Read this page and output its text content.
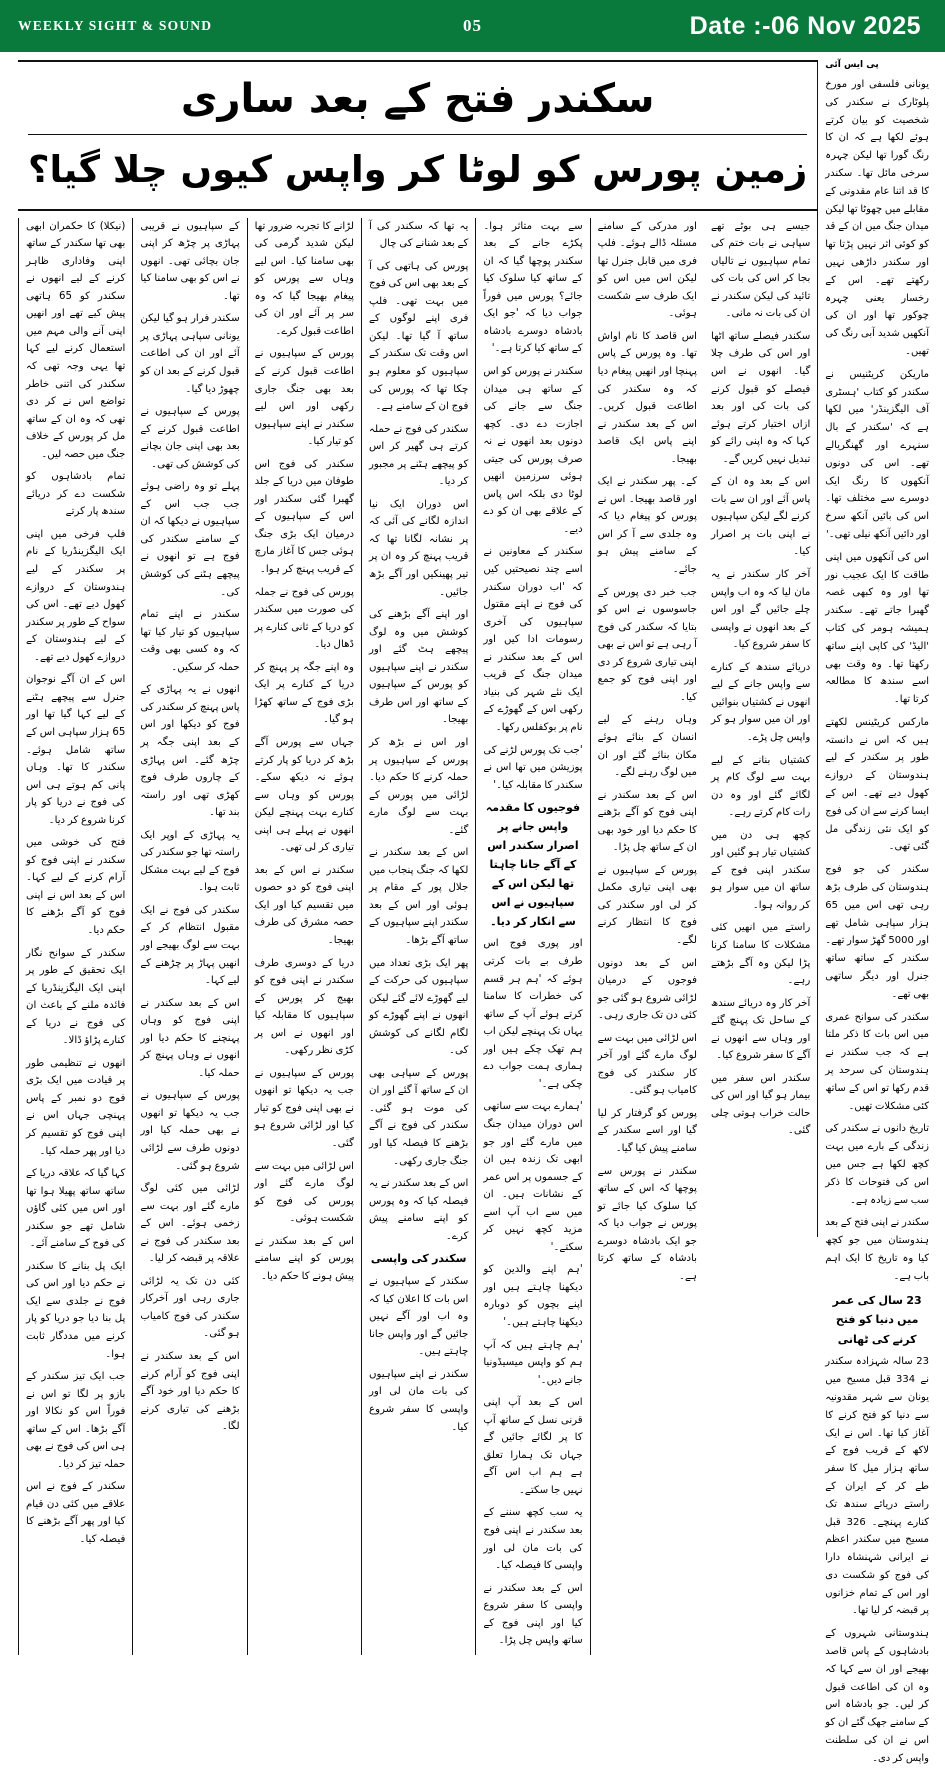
WEEKLY SIGHT & SOUND	05	Date :-06 Nov 2025
سکندر فتح کے بعد ساری
زمین پورس کو لوٹا کر واپس کیوں چلا گیا؟

(نیکلا) کا حکمران ابھی بھی تھا سکندر کے ساتھ اپنی وفاداری ظاہر کرنے کے لیے انھوں نے سکندر کو 65 ہاتھی پیش کیے تھے اور انھیں اپنی آنے والی مہم میں استعمال کرنے لیے کہا تھا یہی وجہ تھی کہ سکندر کی اتنی خاطر تواضع اس نے کر دی تھی کہ وہ ان کے ساتھ مل کر پورس کے خلاف جنگ میں حصہ لیں۔

تمام بادشاہوں کو شکست دے کر دریائے سندھ پار کرتے

فلپ فرخی میں اپنی ایک الیگزینڈریا کے نام پر سکندر کے لیے ہندوستان کے دروازے کھول دیے تھے۔ اس کی سواح کے طور پر سکندر کے لیے ہندوستان کے دروازے کھول دیے تھے۔

اس کے ان آگے نوجوان جنرل سے پیچھے ہٹنے کے لیے کہا گیا تھا اور 65 ہزار سپاہی اس کے ساتھ شامل ہوئے۔ سکندر کا تھا۔ وہاں پانی کم ہوتے ہی اس کی فوج نے دریا کو پار کرنا شروع کر دیا۔

فتح کی خوشی میں سکندر نے اپنی فوج کو آرام کرنے کے لیے کہا۔ اس کے بعد اس نے اپنی فوج کو آگے بڑھنے کا حکم دیا۔

سکندر کے سوانح نگار ایک تحقیق کے طور پر اپنی ایک الیگزینڈریا کے فائدہ ملنے کے باعث ان کی فوج نے دریا کے کنارے پڑاؤ ڈالا۔

انھوں نے تنظیمی طور پر قیادت میں ایک بڑی فوج دو نمبر کے پاس پہنچی جہاں اس نے اپنی فوج کو تقسیم کر دیا اور پھر حملہ کیا۔

کہا گیا کہ علاقہ دریا کے ساتھ ساتھ پھیلا ہوا تھا اور اس میں کئی گاؤں شامل تھے جو سکندر کی فوج کے سامنے آئے۔

ایک پل بنانے کا سکندر نے حکم دیا اور اس کی فوج نے جلدی سے ایک پل بنا دیا جو دریا کو پار کرنے میں مددگار ثابت ہوا۔

جب ایک تیز سکندر کے بازو پر لگا تو اس نے فوراً اس کو نکالا اور آگے بڑھا۔ اس کے ساتھ ہی اس کی فوج نے بھی حملہ تیز کر دیا۔

سکندر کے فوج نے اس علاقے میں کئی دن قیام کیا اور پھر آگے بڑھنے کا فیصلہ کیا۔

کے سپاہیوں نے قریبی پہاڑی پر چڑھ کر اپنی جان بچائی تھی۔ انھوں نے اس کو بھی سامنا کیا تھا۔

سکندر فرار ہو گیا لیکن یونانی سپاہی پہاڑی پر آئے اور ان کی اطاعت قبول کرنے کے بعد ان کو چھوڑ دیا گیا۔

پورس کے سپاہیوں نے اطاعت قبول کرنے کے بعد بھی اپنی جان بچانے کی کوشش کی تھی۔

پہلے تو وہ راضی ہوئے جب جب اس کے سپاہیوں نے دیکھا کہ ان کے سامنے سکندر کی فوج ہے تو انھوں نے پیچھے ہٹنے کی کوشش کی۔

سکندر نے اپنے تمام سپاہیوں کو تیار کیا تھا کہ وہ کسی بھی وقت حملہ کر سکیں۔

انھوں نے یہ پہاڑی کے پاس پہنچ کر سکندر کی فوج کو دیکھا اور اس کے بعد اپنی جگہ پر چڑھ گئے۔ اس پہاڑی کے چاروں طرف فوج کھڑی تھی اور راستہ بند تھا۔

یہ پہاڑی کے اوپر ایک راستہ تھا جو سکندر کی فوج کے لیے بہت مشکل ثابت ہوا۔

سکندر کی فوج نے ایک مقبول انتظام کر کے بہت سے لوگ بھیجے اور انھیں پہاڑ پر چڑھنے کے لیے کہا۔

اس کے بعد سکندر نے اپنی فوج کو وہاں پہنچنے کا حکم دیا اور انھوں نے وہاں پہنچ کر حملہ کیا۔

پورس کے سپاہیوں نے جب یہ دیکھا تو انھوں نے بھی حملہ کیا اور دونوں طرف سے لڑائی شروع ہو گئی۔

لڑائی میں کئی لوگ مارے گئے اور بہت سے زخمی ہوئے۔ اس کے بعد سکندر کی فوج نے علاقہ پر قبضہ کر لیا۔

کئی دن تک یہ لڑائی جاری رہی اور آخرکار سکندر کی فوج کامیاب ہو گئی۔

اس کے بعد سکندر نے اپنی فوج کو آرام کرنے کا حکم دیا اور خود آگے بڑھنے کی تیاری کرنے لگا۔

لڑانے کا تجربہ ضرور تھا لیکن شدید گرمی کی بھی سامنا کیا۔ اس لیے وہاں سے پورس کو پیغام بھیجا گیا کہ وہ سر پر آئے اور ان کی اطاعت قبول کرے۔

پورس کے سپاہیوں نے اطاعت قبول کرنے کے بعد بھی جنگ جاری رکھی اور اس لیے سکندر نے اپنے سپاہیوں کو تیار کیا۔

سکندر کی فوج اس طوفان میں دریا کے جلد گھبرا گئی سکندر اور اس کے سپاہیوں کے درمیان ایک بڑی جنگ ہوئی جس کا آغاز مارچ کے قریب پہنچ کر ہوا۔

پورس کی فوج نے جملہ کی صورت میں سکندر کو دریا کے ثانی کنارے پر ڈھال دیا۔

وہ اپنے جگہ پر پہنچ کر دریا کے کنارے پر ایک بڑی فوج کے ساتھ کھڑا ہو گیا۔

جہاں سے پورس آگے بڑھ کر دریا کو پار کرتے ہوئے نہ دیکھ سکے۔ پورس کو وہاں سے کنارے بہت پہنچے لیکن انھوں نے پہلے ہی اپنی تیاری کر لی تھی۔

سکندر نے اس کے بعد اپنی فوج کو دو حصوں میں تقسیم کیا اور ایک حصہ مشرق کی طرف بھیجا۔

دریا کے دوسری طرف سکندر نے اپنی فوج کو بھیج کر پورس کے سپاہیوں کا مقابلہ کیا اور انھوں نے اس پر کڑی نظر رکھی۔

پورس کے سپاہیوں نے جب یہ دیکھا تو انھوں نے بھی اپنی فوج کو تیار کیا اور لڑائی شروع ہو گئی۔

اس لڑائی میں بہت سے لوگ مارے گئے اور پورس کی فوج کو شکست ہوئی۔

اس کے بعد سکندر نے پورس کو اپنے سامنے پیش ہونے کا حکم دیا۔

یہ تھا کہ سکندر کی آ کے بعد شنانے کی چال

پورس کی ہاتھی کی آ کے بعد بھی اس کی فوج میں بہت تھی۔ فلپ فری اپنے لوگوں کے ساتھ آ گیا تھا۔ لیکن اس وقت تک سکندر کے سپاہیوں کو معلوم ہو چکا تھا کہ پورس کی فوج ان کے سامنے ہے۔

سکندر کی فوج نے حملہ کرتے ہی گھیر کر اس کو پیچھے ہٹنے پر مجبور کر دیا۔

اس دوران ایک نیا اندازہ لگانے کی آئی کہ پر نشانہ لگانا تھا کہ قریب پہنچ کر وہ ان پر تیر پھینکیں اور آگے بڑھ جائیں۔

اور اپنے آگے بڑھنے کی کوشش میں وہ لوگ پیچھے ہٹ گئے اور سکندر نے اپنے سپاہیوں کو پورس کے سپاہیوں کے ساتھ اور اس طرف بھیجا۔

اور اس نے بڑھ کر پورس کے سپاہیوں پر حملہ کرنے کا حکم دیا۔ لڑائی میں پورس کے بہت سے لوگ مارے گئے۔

اس کے بعد سکندر نے لکھا کہ جنگ پنجاب میں جلال پور کے مقام پر ہوئی اور اس کے بعد سکندر اپنے سپاہیوں کے ساتھ آگے بڑھا۔

پھر ایک بڑی تعداد میں سپاہیوں کی حرکت کے لیے گھوڑے لائے گئے لیکن انھوں نے اپنے گھوڑے کو لگام لگانے کی کوشش کی۔

پورس کے سپاہی بھی ان کے ساتھ آ گئے اور ان کی موت ہو گئی۔ سکندر کی فوج نے آگے بڑھنے کا فیصلہ کیا اور جنگ جاری رکھی۔

اس کے بعد سکندر نے یہ فیصلہ کیا کہ وہ پورس کو اپنے سامنے پیش کرے۔

سکندر کی واپسی

سکندر کے سپاہیوں نے اس بات کا اعلان کیا کہ وہ اب اور آگے نہیں جائیں گے اور واپس جانا چاہتے ہیں۔

سکندر نے اپنے سپاہیوں کی بات مان لی اور واپسی کا سفر شروع کیا۔

سے بہت متاثر ہوا۔ پکڑے جانے کے بعد سکندر پوچھا گیا کہ ان کے ساتھ کیا سلوک کیا جائے؟ پورس میں فوراً جواب دیا کہ 'جو ایک بادشاہ دوسرے بادشاہ کے ساتھ کیا کرتا ہے۔'

سکندر نے پورس کو اس کے ساتھ ہی میدان جنگ سے جانے کی اجازت دے دی۔ کچھ دونوں بعد انھوں نے نہ صرف پورس کی جیتی ہوئی سرزمین انھیں لوٹا دی بلکہ اس پاس کے علاقے بھی ان کو دے دیے۔

سکندر کے معاونین نے اسے چند نصیحتیں کیں کہ 'اب دوران سکندر کی فوج نے اپنے مقتول سپاہیوں کی آخری رسومات ادا کیں اور اس کے بعد سکندر نے میدان جنگ کے قریب ایک نئے شہر کی بنیاد رکھی اس کے گھوڑے کے نام پر بوکفلس رکھا۔

'جب تک پورس لڑنے کی پوزیشن میں تھا اس نے سکندر کا مقابلہ کیا۔'

فوجیوں کا مقدمہ واپس جانے پر اصرار سکندر اس کے آگے جانا چاہتا تھا لیکن اس کے سپاہیوں نے اس سے انکار کر دیا۔

اور پوری فوج اس طرف بے بات کرتی ہوئے کہ 'ہم ہر قسم کی خطرات کا سامنا کرتے ہوئے آپ کے ساتھ یہاں تک پہنچے لیکن اب ہم تھک چکے ہیں اور ہماری ہمت جواب دے چکی ہے۔'

'ہمارے بہت سے ساتھی اس دوران میدان جنگ میں مارے گئے اور جو ابھی تک زندہ ہیں ان کے جسموں پر اس عمر کے نشانات ہیں۔ ان میں سے اب آپ اسے مزید کچھ نہیں کر سکتے۔'

'ہم اپنے والدین کو دیکھنا چاہتے ہیں اور اپنے بچوں کو دوبارہ دیکھنا چاہتے ہیں۔'

'ہم چاہتے ہیں کہ آپ ہم کو واپس میسیڈونیا جانے دیں۔'

اس کے بعد آپ اپنی قرنی نسل کے ساتھ آپ کا پر لگائے جائیں گے جہاں تک ہمارا تعلق ہے ہم اب اس آگے نہیں جا سکتے۔

یہ سب کچھ سننے کے بعد سکندر نے اپنی فوج کی بات مان لی اور واپسی کا فیصلہ کیا۔

اس کے بعد سکندر نے واپسی کا سفر شروع کیا اور اپنی فوج کے ساتھ واپس چل پڑا۔

اور مدرکی کے سامنے مسئلہ ڈالے ہوئے۔ فلپ فری میں قابل جنرل تھا لیکن اس میں اس کو ایک طرف سے شکست ہوئی۔

اس قاصد کا نام اواش تھا۔ وہ پورس کے پاس پہنچا اور انھیں پیغام دیا کہ وہ سکندر کی اطاعت قبول کریں۔ اس کے بعد سکندر نے اپنے پاس ایک قاصد بھیجا۔

کے۔ پھر سکندر نے ایک اور قاصد بھیجا۔ اس نے پورس کو پیغام دیا کہ وہ جلدی سے آ کر اس کے سامنے پیش ہو جائے۔

جب خبر دی پورس کے جاسوسوں نے اس کو بتایا کہ سکندر کی فوج آ رہی ہے تو اس نے بھی اپنی تیاری شروع کر دی اور اپنی فوج کو جمع کیا۔

وہاں رہنے کے لیے انسان کے بنائے ہوئے مکان بنائے گئے اور ان میں لوگ رہنے لگے۔

اس کے بعد سکندر نے اپنی فوج کو آگے بڑھنے کا حکم دیا اور خود بھی ان کے ساتھ چل پڑا۔

پورس کے سپاہیوں نے بھی اپنی تیاری مکمل کر لی اور سکندر کی فوج کا انتظار کرنے لگے۔

اس کے بعد دونوں فوجوں کے درمیان لڑائی شروع ہو گئی جو کئی دن تک جاری رہی۔

اس لڑائی میں بہت سے لوگ مارے گئے اور آخر کار سکندر کی فوج کامیاب ہو گئی۔

پورس کو گرفتار کر لیا گیا اور اسے سکندر کے سامنے پیش کیا گیا۔

سکندر نے پورس سے پوچھا کہ اس کے ساتھ کیا سلوک کیا جائے تو پورس نے جواب دیا کہ جو ایک بادشاہ دوسرے بادشاہ کے ساتھ کرتا ہے۔

جیسے ہی بوٹے تھے سپاہی نے بات ختم کی تمام سپاہیوں نے تالیاں بجا کر اس کی بات کی تائید کی لیکن سکندر نے ان کی بات نہ مانی۔

سکندر فیصلے ساتھ اٹھا اور اس کی طرف چلا گیا۔ انھوں نے اس فیصلے کو قبول کرنے کی بات کی اور بعد ازاں اختیار کرتے ہوئے کہا کہ وہ اپنی رائے کو تبدیل نہیں کریں گے۔

اس کے بعد وہ ان کے پاس آئے اور ان سے بات کرنے لگے لیکن سپاہیوں نے اپنی بات پر اصرار کیا۔

آخر کار سکندر نے یہ مان لیا کہ وہ اب واپس چلے جائیں گے اور اس کے بعد انھوں نے واپسی کا سفر شروع کیا۔

دریائے سندھ کے کنارے سے واپس جانے کے لیے انھوں نے کشتیاں بنوائیں اور ان میں سوار ہو کر واپس چل پڑے۔

کشتیاں بنانے کے لیے بہت سے لوگ کام پر لگائے گئے اور وہ دن رات کام کرتے رہے۔

کچھ ہی دن میں کشتیاں تیار ہو گئیں اور سکندر اپنی فوج کے ساتھ ان میں سوار ہو کر روانہ ہوا۔

راستے میں انھیں کئی مشکلات کا سامنا کرنا پڑا لیکن وہ آگے بڑھتے رہے۔

آخر کار وہ دریائے سندھ کے ساحل تک پہنچ گئے اور وہاں سے انھوں نے آگے کا سفر شروع کیا۔

سکندر اس سفر میں بیمار ہو گیا اور اس کی حالت خراب ہوتی چلی گئی۔

پی ایس آئی

یونانی فلسفی اور مورخ پلوٹارک نے سکندر کی شخصیت کو بیان کرتے ہوئے لکھا ہے کہ ان کا رنگ گورا تھا لیکن چہرہ سرخی مائل تھا۔ سکندر کا قد اتنا عام مقدونی کے مقابلے میں چھوٹا تھا لیکن میدان جنگ میں ان کے قد کو کوئی اثر نہیں پڑتا تھا اور سکندر داڑھی نہیں رکھتے تھے۔ اس کے رخسار یعنی چہرہ چوکور تھا اور ان کی آنکھیں شدید آبی رنگ کی تھیں۔

ماریکن کریٹنیس نے سکندر کو کتاب 'ہسٹری آف الیگزینڈر' میں لکھا ہے کہ 'سکندر کے بال سنہرے اور گھنگریالے تھے۔ اس کی دونوں آنکھوں کا رنگ ایک دوسرے سے مختلف تھا۔ اس کی بائیں آنکھ سرخ اور دائیں آنکھ نیلی تھی۔'

اس کی آنکھوں میں اپنی طاقت کا ایک عجیب نور تھا اور وہ کبھی غصہ گھبرا جاتے تھے۔ سکندر ہمیشہ ہومر کی کتاب 'الیڈ' کی کاپی اپنے ساتھ رکھتا تھا۔ وہ وقت بھی اسے سندھ کا مطالعہ کرتا تھا۔

مارکس کریٹینس لکھتے ہیں کہ اس نے دانستہ طور پر سکندر کے لیے ہندوستان کے دروازے کھول دیے تھے۔ اس کے ایسا کرنے سے ان کی فوج کو ایک نئی زندگی مل گئی تھی۔

سکندر کی جو فوج ہندوستان کی طرف بڑھ رہی تھی اس میں 65 ہزار سپاہی شامل تھے اور 5000 گھڑ سوار تھے۔ سکندر کے ساتھ ساتھ جنرل اور دیگر ساتھی بھی تھے۔

سکندر کی سوانح عمری میں اس بات کا ذکر ملتا ہے کہ جب سکندر نے ہندوستان کی سرحد پر قدم رکھا تو اس کے ساتھ کئی مشکلات تھیں۔

تاریخ دانوں نے سکندر کی زندگی کے بارے میں بہت کچھ لکھا ہے جس میں اس کی فتوحات کا ذکر سب سے زیادہ ہے۔

سکندر نے اپنی فتح کے بعد ہندوستان میں جو کچھ کیا وہ تاریخ کا ایک اہم باب ہے۔

23 سال کی عمر میں دنیا کو فتح کرنے کی ٹھانی

23 سالہ شہزادہ سکندر نے 334 قبل مسیح میں یونان سے شہر مقدونیہ سے دنیا کو فتح کرنے کا آغاز کیا تھا۔ اس نے ایک لاکھ کے قریب فوج کے ساتھ ہزار میل کا سفر طے کر کے ایران کے راستے دریائے سندھ تک کنارے پہنچے۔ 326 قبل مسیح میں سکندر اعظم نے ایرانی شہنشاہ دارا کی فوج کو شکست دی اور اس کے تمام خزانوں پر قبضہ کر لیا تھا۔

ہندوستانی شہروں کے بادشاہوں کے پاس قاصد بھیجے اور ان سے کہا کہ وہ ان کی اطاعت قبول کر لیں۔ جو بادشاہ اس کے سامنے جھک گئے ان کو اس نے ان کی سلطنت واپس کر دی۔
